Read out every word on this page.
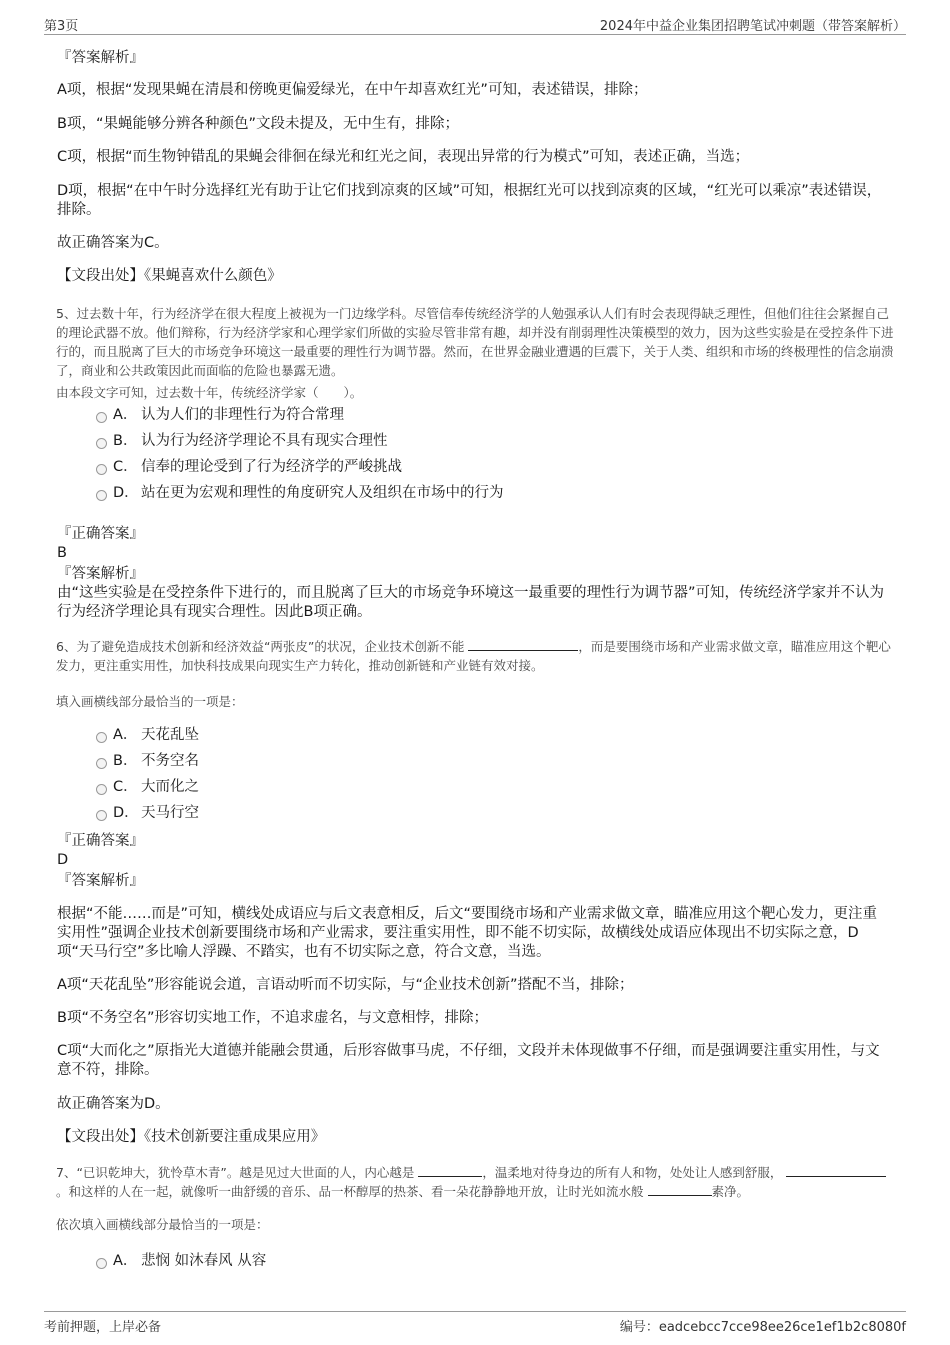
第3页	2024年中益企业集团招聘笔试冲刺题（带答案解析）
『答案解析』
A项，根据“发现果蝇在清晨和傍晚更偏爱绿光，在中午却喜欢红光”可知，表述错误，排除；
B项，“果蝇能够分辨各种颜色”文段未提及，无中生有，排除；
C项，根据“而生物钟错乱的果蝇会徘徊在绿光和红光之间，表现出异常的行为模式”可知，表述正确，当选；
D项，根据“在中午时分选择红光有助于让它们找到凉爽的区域”可知，根据红光可以找到凉爽的区域，“红光可以乘凉”表述错误，排除。
故正确答案为C。
【文段出处】《果蝇喜欢什么颜色》
5、过去数十年，行为经济学在很大程度上被视为一门边缘学科。尽管信奉传统经济学的人勉强承认人们有时会表现得缺乏理性，但他们往往会紧握自己的理论武器不放。他们辩称，行为经济学家和心理学家们所做的实验尽管非常有趣，却并没有削弱理性决策模型的效力，因为这些实验是在受控条件下进行的，而且脱离了巨大的市场竞争环境这一最重要的理性行为调节器。然而，在世界金融业遭遇的巨震下，关于人类、组织和市场的终极理性的信念崩溃了，商业和公共政策因此而面临的危险也暴露无遗。
由本段文字可知，过去数十年，传统经济学家（　　）。
A． 认为人们的非理性行为符合常理
B． 认为行为经济学理论不具有现实合理性
C． 信奉的理论受到了行为经济学的严峻挑战
D． 站在更为宏观和理性的角度研究人及组织在市场中的行为
『正确答案』
B
『答案解析』
由“这些实验是在受控条件下进行的，而且脱离了巨大的市场竞争环境这一最重要的理性行为调节器”可知，传统经济学家并不认为行为经济学理论具有现实合理性。因此B项正确。
6、为了避免造成技术创新和经济效益“两张皮”的状况，企业技术创新不能	，而是要围绕市场和产业需求做文章，瞄准应用这个靶心发力，更注重实用性，加快科技成果向现实生产力转化，推动创新链和产业链有效对接。
填入画横线部分最恰当的一项是：
A． 天花乱坠
B． 不务空名
C． 大而化之
D． 天马行空
『正确答案』
D
『答案解析』
根据“不能……而是”可知，横线处成语应与后文表意相反，后文“要围绕市场和产业需求做文章，瞄准应用这个靶心发力，更注重实用性”强调企业技术创新要围绕市场和产业需求，要注重实用性，即不能不切实际，故横线处成语应体现出不切实际之意，D项“天马行空”多比喻人浮躁、不踏实，也有不切实际之意，符合文意，当选。
A项“天花乱坠”形容能说会道，言语动听而不切实际，与“企业技术创新”搭配不当，排除；
B项“不务空名”形容切实地工作，不追求虚名，与文意相悖，排除；
C项“大而化之”原指光大道德并能融会贯通，后形容做事马虎，不仔细，文段并未体现做事不仔细，而是强调要注重实用性，与文意不符，排除。
故正确答案为D。
【文段出处】《技术创新要注重成果应用》
7、“已识乾坤大，犹怜草木青”。越是见过大世面的人，内心越是	，温柔地对待身边的所有人和物，处处让人感到舒服， 。和这样的人在一起，就像听一曲舒缓的音乐、品一杯醇厚的热茶、看一朵花静静地开放，让时光如流水般	素净。
依次填入画横线部分最恰当的一项是：
A． 悲悯 如沐春风 从容
考前押题，上岸必备	编号：eadcebcc7cce98ee26ce1ef1b2c8080f
